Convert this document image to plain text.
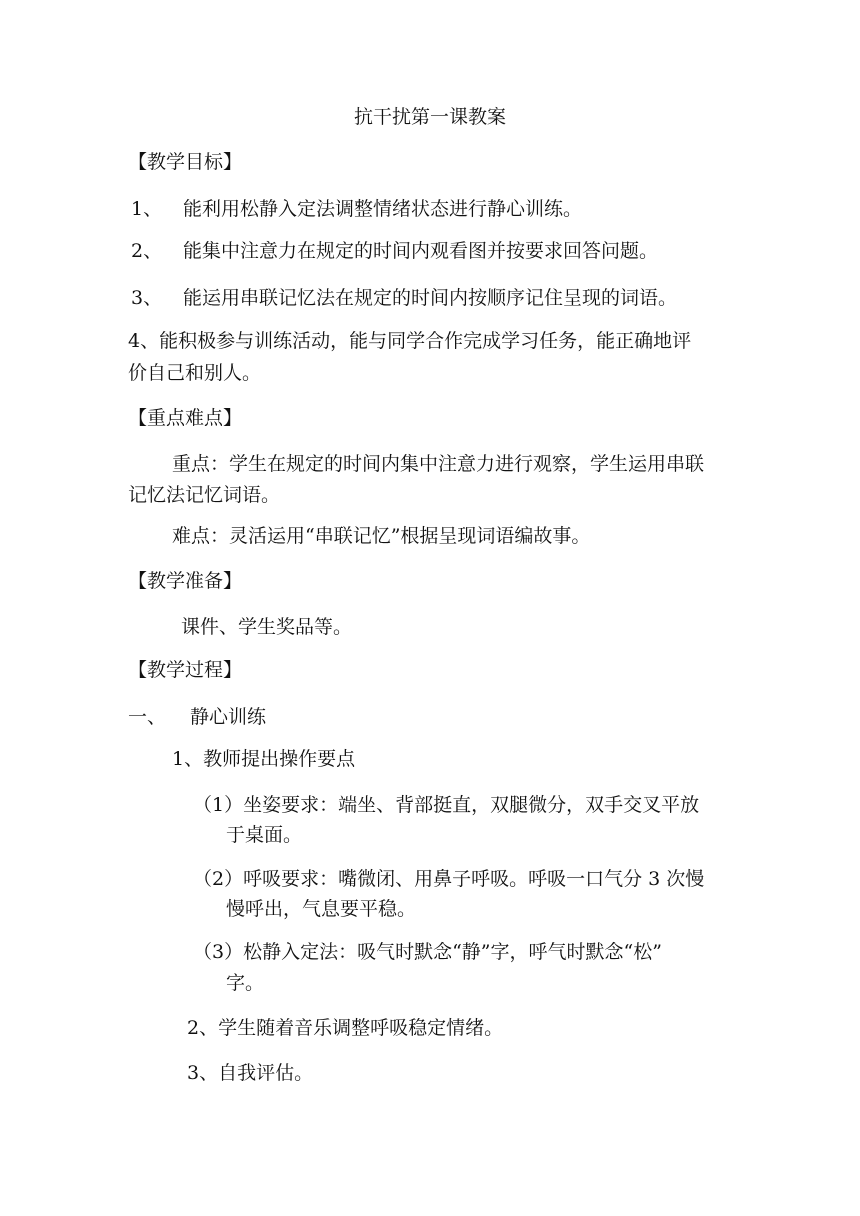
抗干扰第一课教案
【教学目标】
1、 能利用松静入定法调整情绪状态进行静心训练。
2、 能集中注意力在规定的时间内观看图并按要求回答问题。
3、 能运用串联记忆法在规定的时间内按顺序记住呈现的词语。
4、能积极参与训练活动，能与同学合作完成学习任务，能正确地评
价自己和别人。
【重点难点】
重点：学生在规定的时间内集中注意力进行观察，学生运用串联
记忆法记忆词语。
难点：灵活运用“串联记忆”根据呈现词语编故事。
【教学准备】
课件、学生奖品等。
【教学过程】
一、 静心训练
1、教师提出操作要点
（1）坐姿要求：端坐、背部挺直，双腿微分，双手交叉平放
于桌面。
（2）呼吸要求：嘴微闭、用鼻子呼吸。呼吸一口气分 3 次慢
慢呼出，气息要平稳。
（3）松静入定法：吸气时默念“静”字，呼气时默念“松”
字。
2、学生随着音乐调整呼吸稳定情绪。
3、自我评估。
